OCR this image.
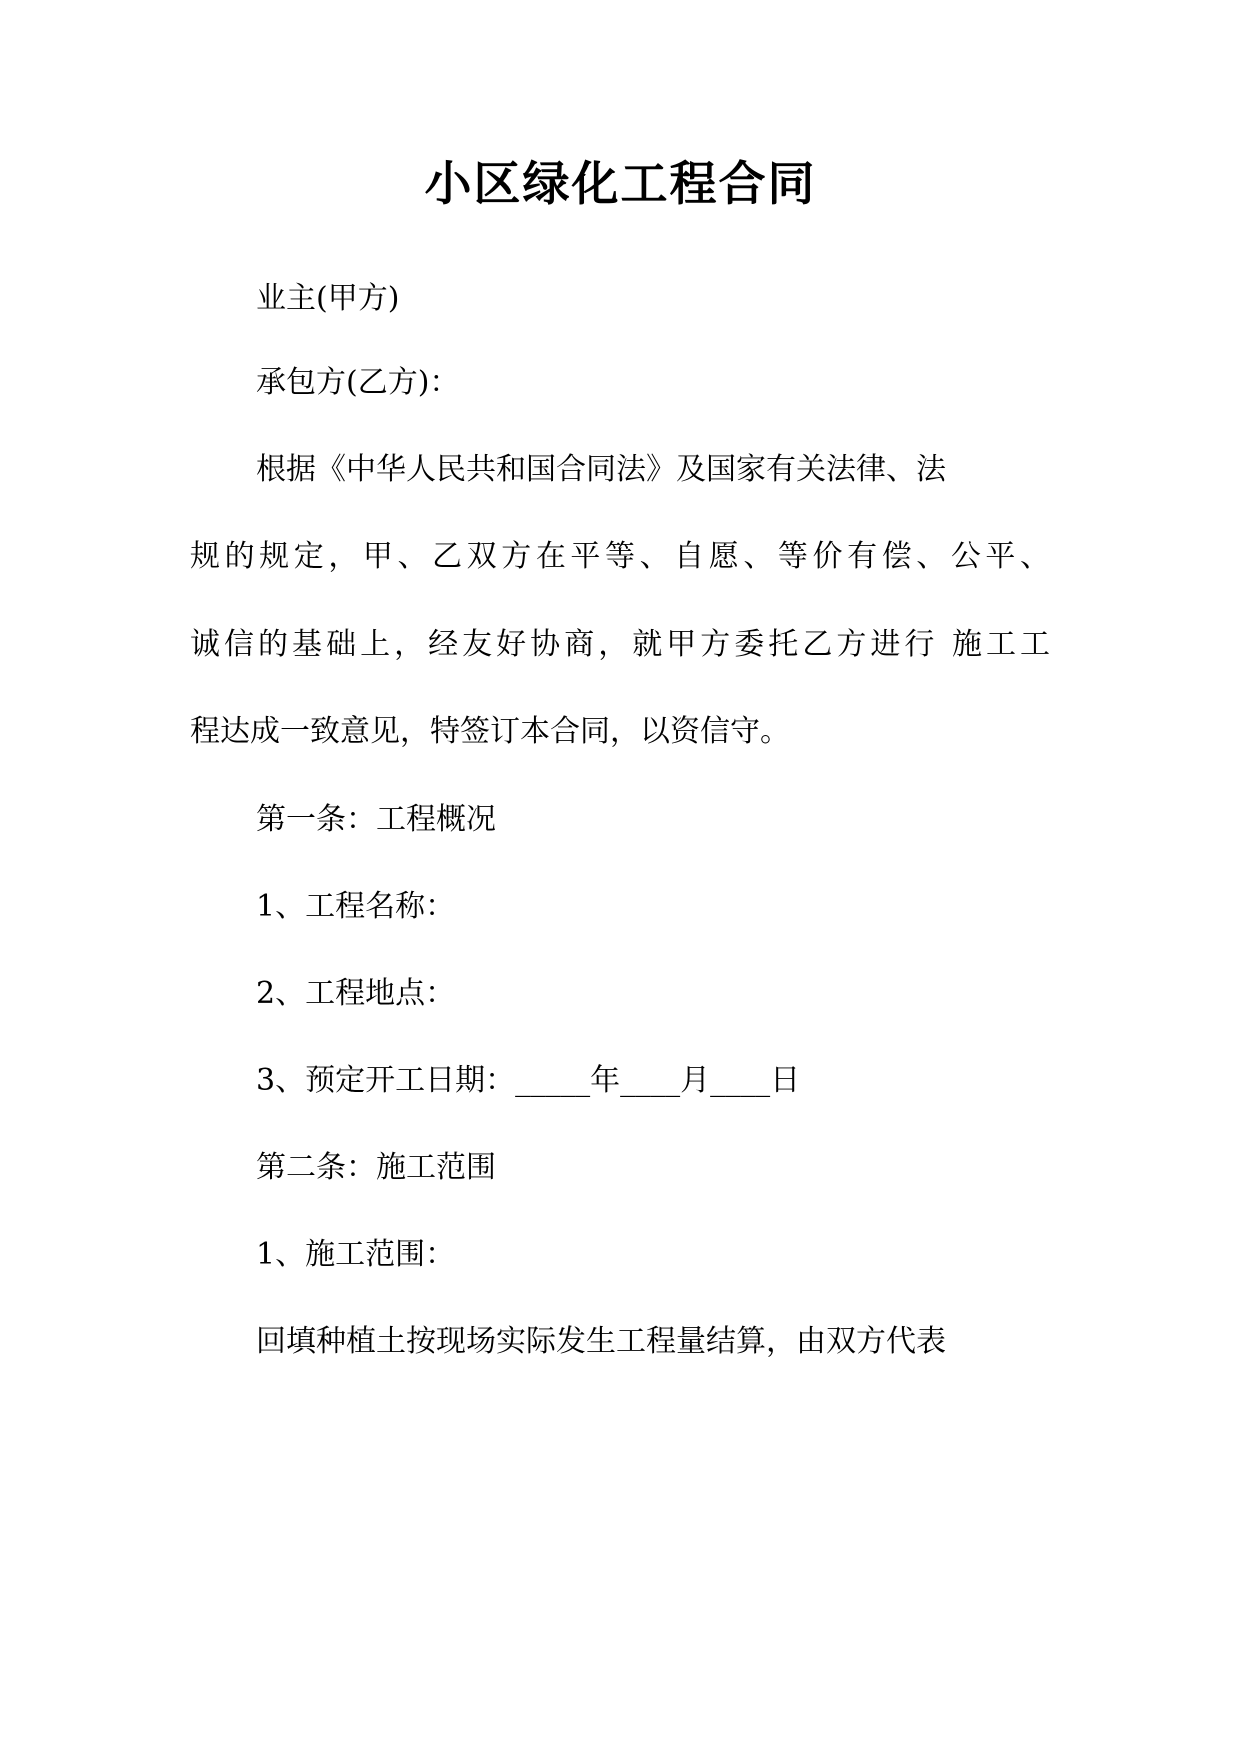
小区绿化工程合同
业主(甲方)
承包方(乙方)：
根据《中华人民共和国合同法》及国家有关法律、法
规的规定，甲、乙双方在平等、自愿、等价有偿、公平、
诚信的基础上，经友好协商，就甲方委托乙方进行 施工工
程达成一致意见，特签订本合同，以资信守。
第一条：工程概况
1、工程名称：
2、工程地点：
3、预定开工日期：_____年____月____日
第二条：施工范围
1、施工范围：
回填种植土按现场实际发生工程量结算，由双方代表
